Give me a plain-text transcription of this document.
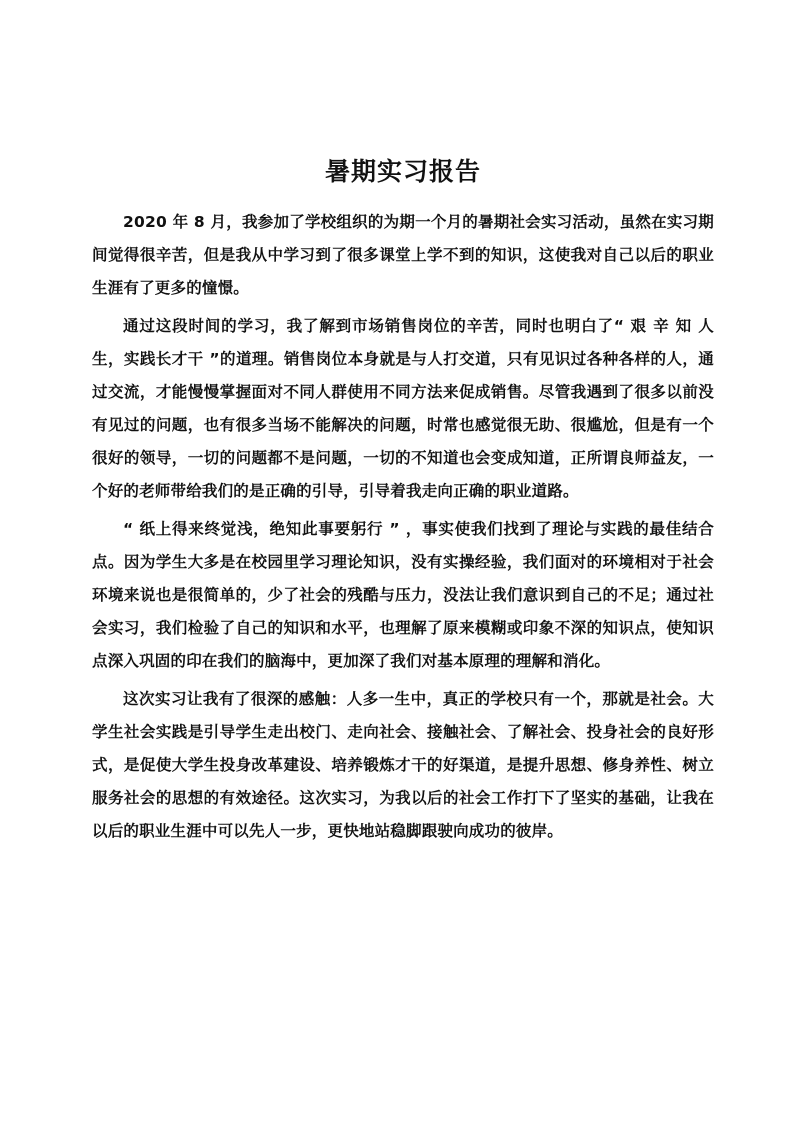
暑期实习报告

2020 年 8 月，我参加了学校组织的为期一个月的暑期社会实习活动，虽然在实习期间觉得很辛苦，但是我从中学习到了很多课堂上学不到的知识，这使我对自己以后的职业生涯有了更多的憧憬。

通过这段时间的学习，我了解到市场销售岗位的辛苦，同时也明白了“ 艰 辛 知 人 生，实践长才干 ”的道理。销售岗位本身就是与人打交道，只有见识过各种各样的人，通过交流，才能慢慢掌握面对不同人群使用不同方法来促成销售。尽管我遇到了很多以前没有见过的问题，也有很多当场不能解决的问题，时常也感觉很无助、很尴尬，但是有一个很好的领导，一切的问题都不是问题，一切的不知道也会变成知道，正所谓良师益友，一个好的老师带给我们的是正确的引导，引导着我走向正确的职业道路。

“ 纸上得来终觉浅，绝知此事要躬行 ” ，事实使我们找到了理论与实践的最佳结合点。因为学生大多是在校园里学习理论知识，没有实操经验，我们面对的环境相对于社会环境来说也是很简单的，少了社会的残酷与压力，没法让我们意识到自己的不足；通过社会实习，我们检验了自己的知识和水平，也理解了原来模糊或印象不深的知识点，使知识点深入巩固的印在我们的脑海中，更加深了我们对基本原理的理解和消化。

这次实习让我有了很深的感触：人多一生中，真正的学校只有一个，那就是社会。大学生社会实践是引导学生走出校门、走向社会、接触社会、了解社会、投身社会的良好形式，是促使大学生投身改革建设、培养锻炼才干的好渠道，是提升思想、修身养性、树立服务社会的思想的有效途径。这次实习，为我以后的社会工作打下了坚实的基础，让我在以后的职业生涯中可以先人一步，更快地站稳脚跟驶向成功的彼岸。
